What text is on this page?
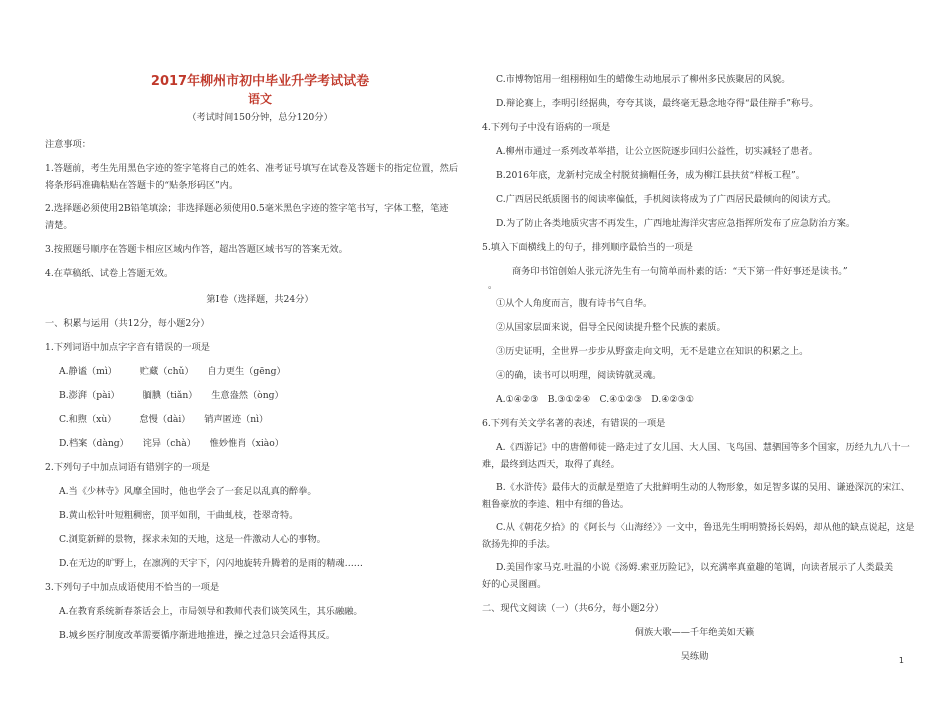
2017年柳州市初中毕业升学考试试卷
语文
（考试时间150分钟，总分120分）
注意事项：
1.答题前，考生先用黑色字迹的签字笔将自己的姓名、准考证号填写在试卷及答题卡的指定位置，然后
将条形码准确粘贴在答题卡的“贴条形码区”内。
2.选择题必须使用2B铅笔填涂；非选择题必须使用0.5毫米黑色字迹的签字笔书写，字体工整，笔迹
清楚。
3.按照题号顺序在答题卡相应区域内作答，超出答题区域书写的答案无效。
4.在草稿纸、试卷上答题无效。
第Ⅰ卷（选择题，共24分）
一、积累与运用（共12分，每小题2分）
1.下列词语中加点字字音有错误的一项是
A.静谧（mì）　　　贮藏（chǔ）　　自力更生（gēng）
B.澎湃（pài）　　　腼腆（tiǎn）　　生意盎然（ònɡ）
C.和煦（xù）　　　怠慢（dài）　　销声匿迹（nì）
D.档案（dàng）　　诧异（chà）　　惟妙惟肖（xiào）
2.下列句子中加点词语有错别字的一项是
A.当《少林寺》风靡全国时，他也学会了一套足以乱真的醉拳。
B.黄山松针叶短粗稠密，顶平如削，干曲虬枝，苍翠奇特。
C.浏览新鲜的景物，探求未知的天地，这是一件激动人心的事物。
D.在无边的旷野上，在凛冽的天宇下，闪闪地旋转升腾着的是雨的精魂……
3.下列句子中加点成语使用不恰当的一项是
A.在教育系统新春茶话会上，市局领导和教师代表们谈笑风生，其乐融融。
B.城乡医疗制度改革需要循序渐进地推进，操之过急只会适得其反。
C.市博物馆用一组栩栩如生的蜡像生动地展示了柳州多民族聚居的风貌。
D.辩论赛上，李明引经据典，夸夸其谈，最终毫无悬念地夺得“最佳辩手”称号。
4.下列句子中没有语病的一项是
A.柳州市通过一系列改革举措，让公立医院逐步回归公益性，切实减轻了患者。
B.2016年底，龙新村完成全村脱贫摘帽任务，成为柳江县扶贫“样板工程”。
C.广西居民纸质图书的阅读率偏低，手机阅读将成为了广西居民最倾向的阅读方式。
D.为了防止各类地质灾害不再发生，广西地址海洋灾害应急指挥所发布了应急防治方案。
5.填入下面横线上的句子，排列顺序最恰当的一项是
商务印书馆创始人张元济先生有一句简单而朴素的话：“天下第一件好事还是读书。”
。
①从个人角度而言，腹有诗书气自华。
②从国家层面来说，倡导全民阅读提升整个民族的素质。
③历史证明，全世界一步步从野蛮走向文明，无不是建立在知识的积累之上。
④的确，读书可以明理，阅读铸就灵魂。
A.①④②③　B.③①②④　C.④①②③　D.④②③①
6.下列有关文学名著的表述，有错误的一项是
A.《西游记》中的唐僧师徒一路走过了女儿国、大人国、飞鸟国、慧驷国等多个国家，历经九九八十一
难，最终到达西天，取得了真经。
B.《水浒传》最伟大的贡献是塑造了大批鲜明生动的人物形象，如足智多谋的吴用、谦逊深沉的宋江、
粗鲁豪放的李逵、粗中有细的鲁达。
C.从《朝花夕拾》的《阿长与〈山海经〉》一文中，鲁迅先生明明赞扬长妈妈，却从他的缺点说起，这是
欲扬先抑的手法。
D.美国作家马克.吐温的小说《汤姆.索亚历险记》，以充满率真童趣的笔调，向读者展示了人类最美
好的心灵图画。
二、现代文阅读（一）（共6分，每小题2分）
侗族大歌——千年绝美如天籁
吴练勋	1
